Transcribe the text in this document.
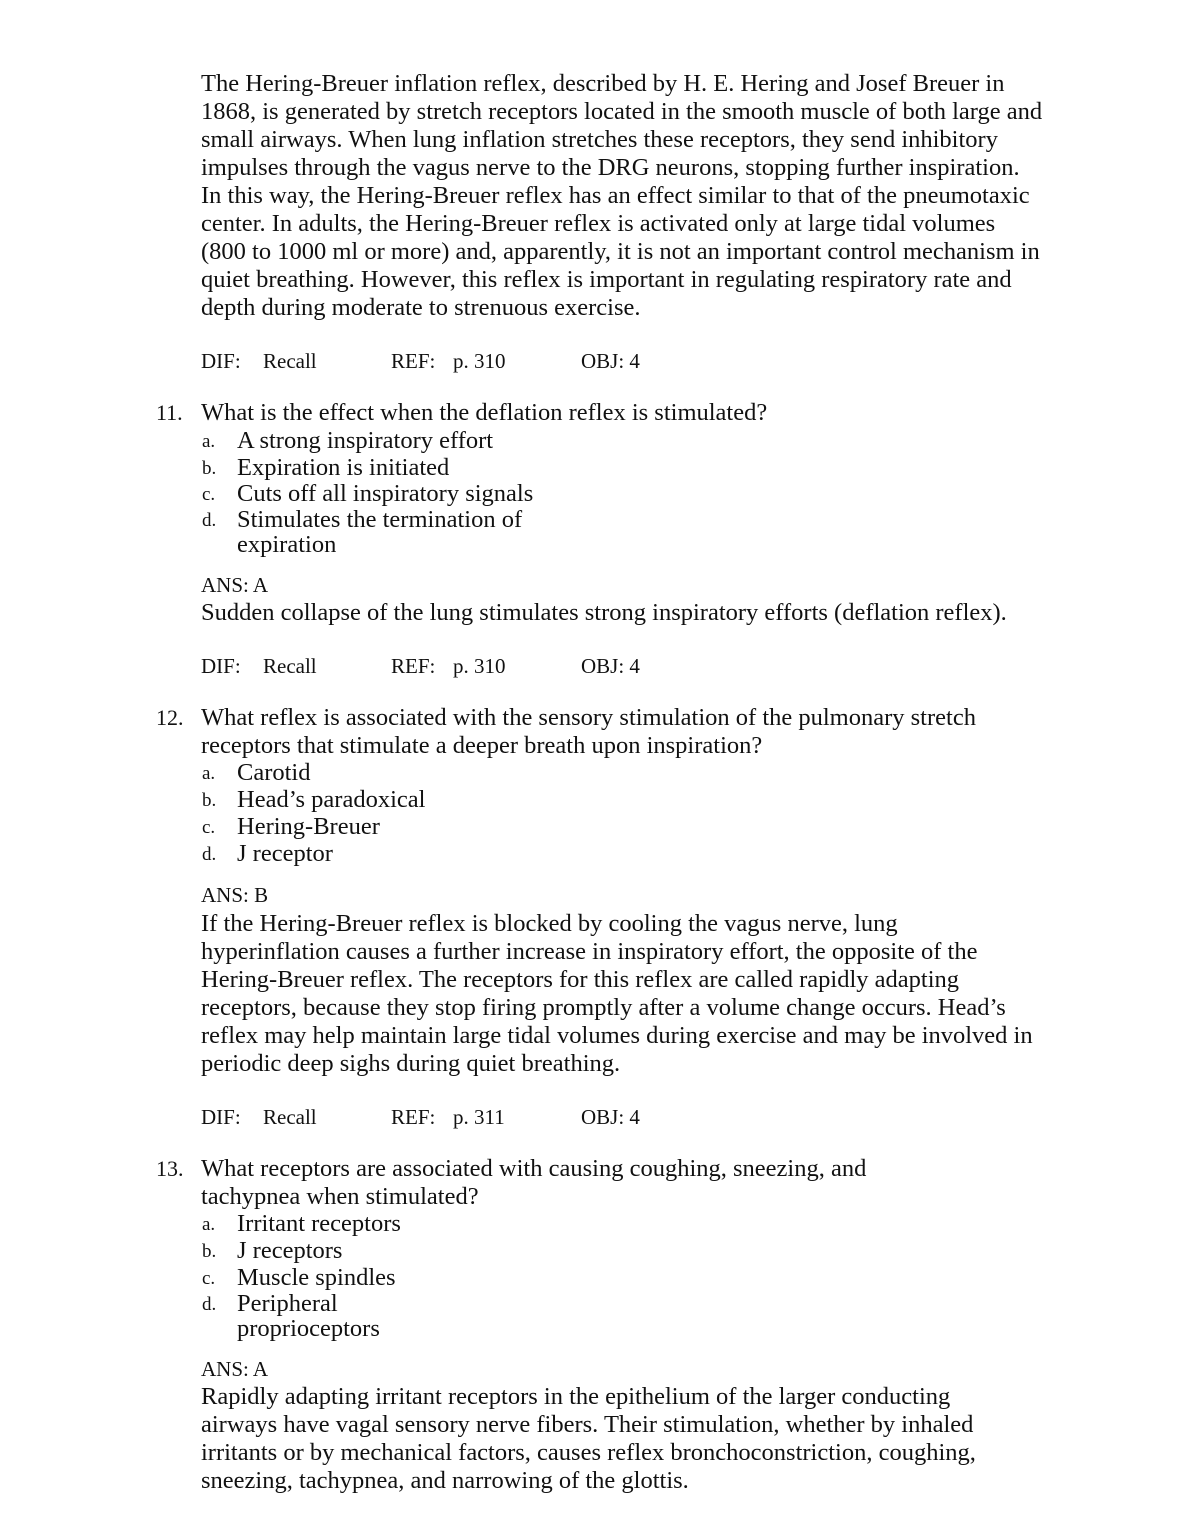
The Hering-Breuer inflation reflex, described by H. E. Hering and Josef Breuer in
1868, is generated by stretch receptors located in the smooth muscle of both large and
small airways. When lung inflation stretches these receptors, they send inhibitory
impulses through the vagus nerve to the DRG neurons, stopping further inspiration.
In this way, the Hering-Breuer reflex has an effect similar to that of the pneumotaxic
center. In adults, the Hering-Breuer reflex is activated only at large tidal volumes
(800 to 1000 ml or more) and, apparently, it is not an important control mechanism in
quiet breathing. However, this reflex is important in regulating respiratory rate and
depth during moderate to strenuous exercise.
DIF: Recall	REF: p. 310	OBJ: 4
11. What is the effect when the deflation reflex is stimulated?
a. A strong inspiratory effort
b. Expiration is initiated
c. Cuts off all inspiratory signals
d. Stimulates the termination of
expiration
ANS: A
Sudden collapse of the lung stimulates strong inspiratory efforts (deflation reflex).
DIF: Recall	REF: p. 310	OBJ: 4
12. What reflex is associated with the sensory stimulation of the pulmonary stretch
receptors that stimulate a deeper breath upon inspiration?
a. Carotid
b. Head’s paradoxical
c. Hering-Breuer
d. J receptor
ANS: B
If the Hering-Breuer reflex is blocked by cooling the vagus nerve, lung
hyperinflation causes a further increase in inspiratory effort, the opposite of the
Hering-Breuer reflex. The receptors for this reflex are called rapidly adapting
receptors, because they stop firing promptly after a volume change occurs. Head’s
reflex may help maintain large tidal volumes during exercise and may be involved in
periodic deep sighs during quiet breathing.
DIF: Recall	REF: p. 311	OBJ: 4
13. What receptors are associated with causing coughing, sneezing, and
tachypnea when stimulated?
a. Irritant receptors
b. J receptors
c. Muscle spindles
d. Peripheral
proprioceptors
ANS: A
Rapidly adapting irritant receptors in the epithelium of the larger conducting
airways have vagal sensory nerve fibers. Their stimulation, whether by inhaled
irritants or by mechanical factors, causes reflex bronchoconstriction, coughing,
sneezing, tachypnea, and narrowing of the glottis.
